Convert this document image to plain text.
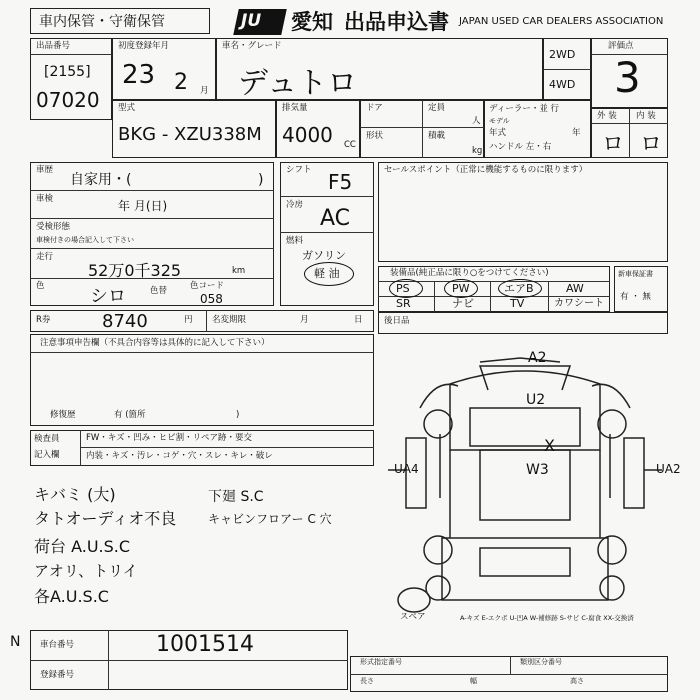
車内保管・守衛保管	JU 愛知 出品申込書 JAPAN USED CAR DEALERS ASSOCIATION
出品番号
[2155]
07020
初度登録年月
23 2 月
車名・グレード
デュトロ
2WD
4WD
評価点
3
型式
BKG - XZU338M
排気量
4000 CC
ドア	定員
人
形状	積載
kg
ディーラー・並 行
モデル
年式	年
ハンドル 左・右
外 装 内 装
ロ ロ
車歴
自家用・(	)
車検	年 月(日)
受検形態
車検付きの場合記入して下さい
走行
52万0千325	km
色	シロ	色替	色コード
058
シフト F5
冷房
AC
燃料
ガソリン
軽 油
セールスポイント（正常に機能するものに限ります）
装備品(純正品に限り○をつけてください)
PS	PW	エアB	AW
SR	ナビ	TV	カワシート
新車保証書
有 ・ 無
R券	8740	円 名変期限	月	日	後日品
注意事項申告欄（不具合内容等は具体的に記入して下さい）
修復歴	有 (箇所	)
検査員
記入欄
FW・キズ・凹み・ヒビ割・リペア跡・要交
内装・キズ・汚レ・コゲ・穴・スレ・キレ・破レ
キバミ (大)
タトオーディオ不良
荷台 A.U.S.C
アオリ、トリイ
各A.U.S.C
下廻 S.C
キャビンフロアー C 穴
A2
U2
X
W3
UA4	UA2
スペア	A-キズ E-エクボ U-凹A W-補修跡 S-サビ C-腐食 XX-交換済
N 車台番号	1001514
登録番号
形式指定番号	類別区分番号
長さ	幅	高さ
